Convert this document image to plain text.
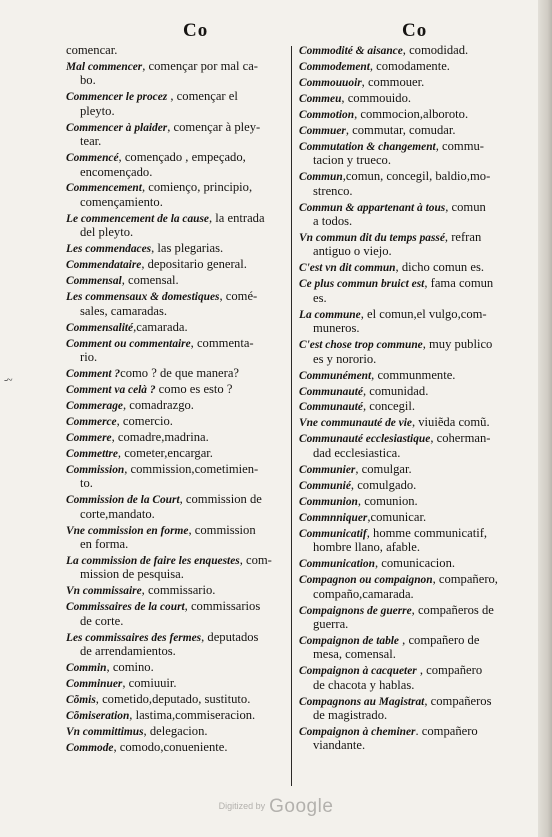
-~
Co	Co
comencar.
Mal commencer, començar por mal ca-
bo.
Commencer le procez , començar el
pleyto.
Commencer à plaider, començar à pley-
tear.
Commencé, començado , empeçado,
encomençado.
Commencement, comienço, principio,
començamiento.
Le commencement de la cause, la entrada
del pleyto.
Les commendaces, las plegarias.
Commendataire, depositario general.
Commensal, comensal.
Les commensaux & domestiques, comé-
sales, camaradas.
Commensalité,camarada.
Comment ou commentaire, commenta-
rio.
Comment ?como ? de que manera?
Comment va celà ? como es esto ?
Commerage, comadrazgo.
Commerce, comercio.
Commere, comadre,madrina.
Commettre, cometer,encargar.
Commission, commission,cometimien-
to.
Commission de la Court, commission de
corte,mandato.
Vne commission en forme, commission
en forma.
La commission de faire les enquestes, com-
mission de pesquisa.
Vn commissaire, commissario.
Commissaires de la court, commissarios
de corte.
Les commissaires des fermes, deputados
de arrendamientos.
Commin, comino.
Comminuer, comiuuir.
Cõmis, cometido,deputado, sustituto.
Cõmiseration, lastima,commiseracion.
Vn committimus, delegacion.
Commode, comodo,conueniente.
Commodité & aisance, comodidad.
Commodement, comodamente.
Commouuoir, commouer.
Commeu, commouido.
Commotion, commocion,alboroto.
Commuer, commutar, comudar.
Commutation & changement, commu-
tacion y trueco.
Commun,comun, concegil, baldio,mo-
strenco.
Commun & appartenant à tous, comun
a todos.
Vn commun dit du temps passé, refran
antiguo o viejo.
C'est vn dit commun, dicho comun es.
Ce plus commun bruict est, fama comun
es.
La commune, el comun,el vulgo,com-
muneros.
C'est chose trop commune, muy publico
es y nororio.
Communément, communmente.
Communauté, comunidad.
Communauté, concegil.
Vne communauté de vie, viuiẽda comũ.
Communauté ecclesiastique, coherman-
dad ecclesiastica.
Communier, comulgar.
Communié, comulgado.
Communion, comunion.
Commnniquer,comunicar.
Communicatif, homme communicatif,
hombre llano, afable.
Communication, comunicacion.
Compagnon ou compaignon, compañero,
compaño,camarada.
Compaignons de guerre, compañeros de
guerra.
Compaignon de table , compañero de
mesa, comensal.
Compaignon à cacqueter , compañero
de chacota y hablas.
Compagnons au Magistrat, compañeros
de magistrado.
Compaignon à cheminer. compañero
viandante.
Digitized by Google
